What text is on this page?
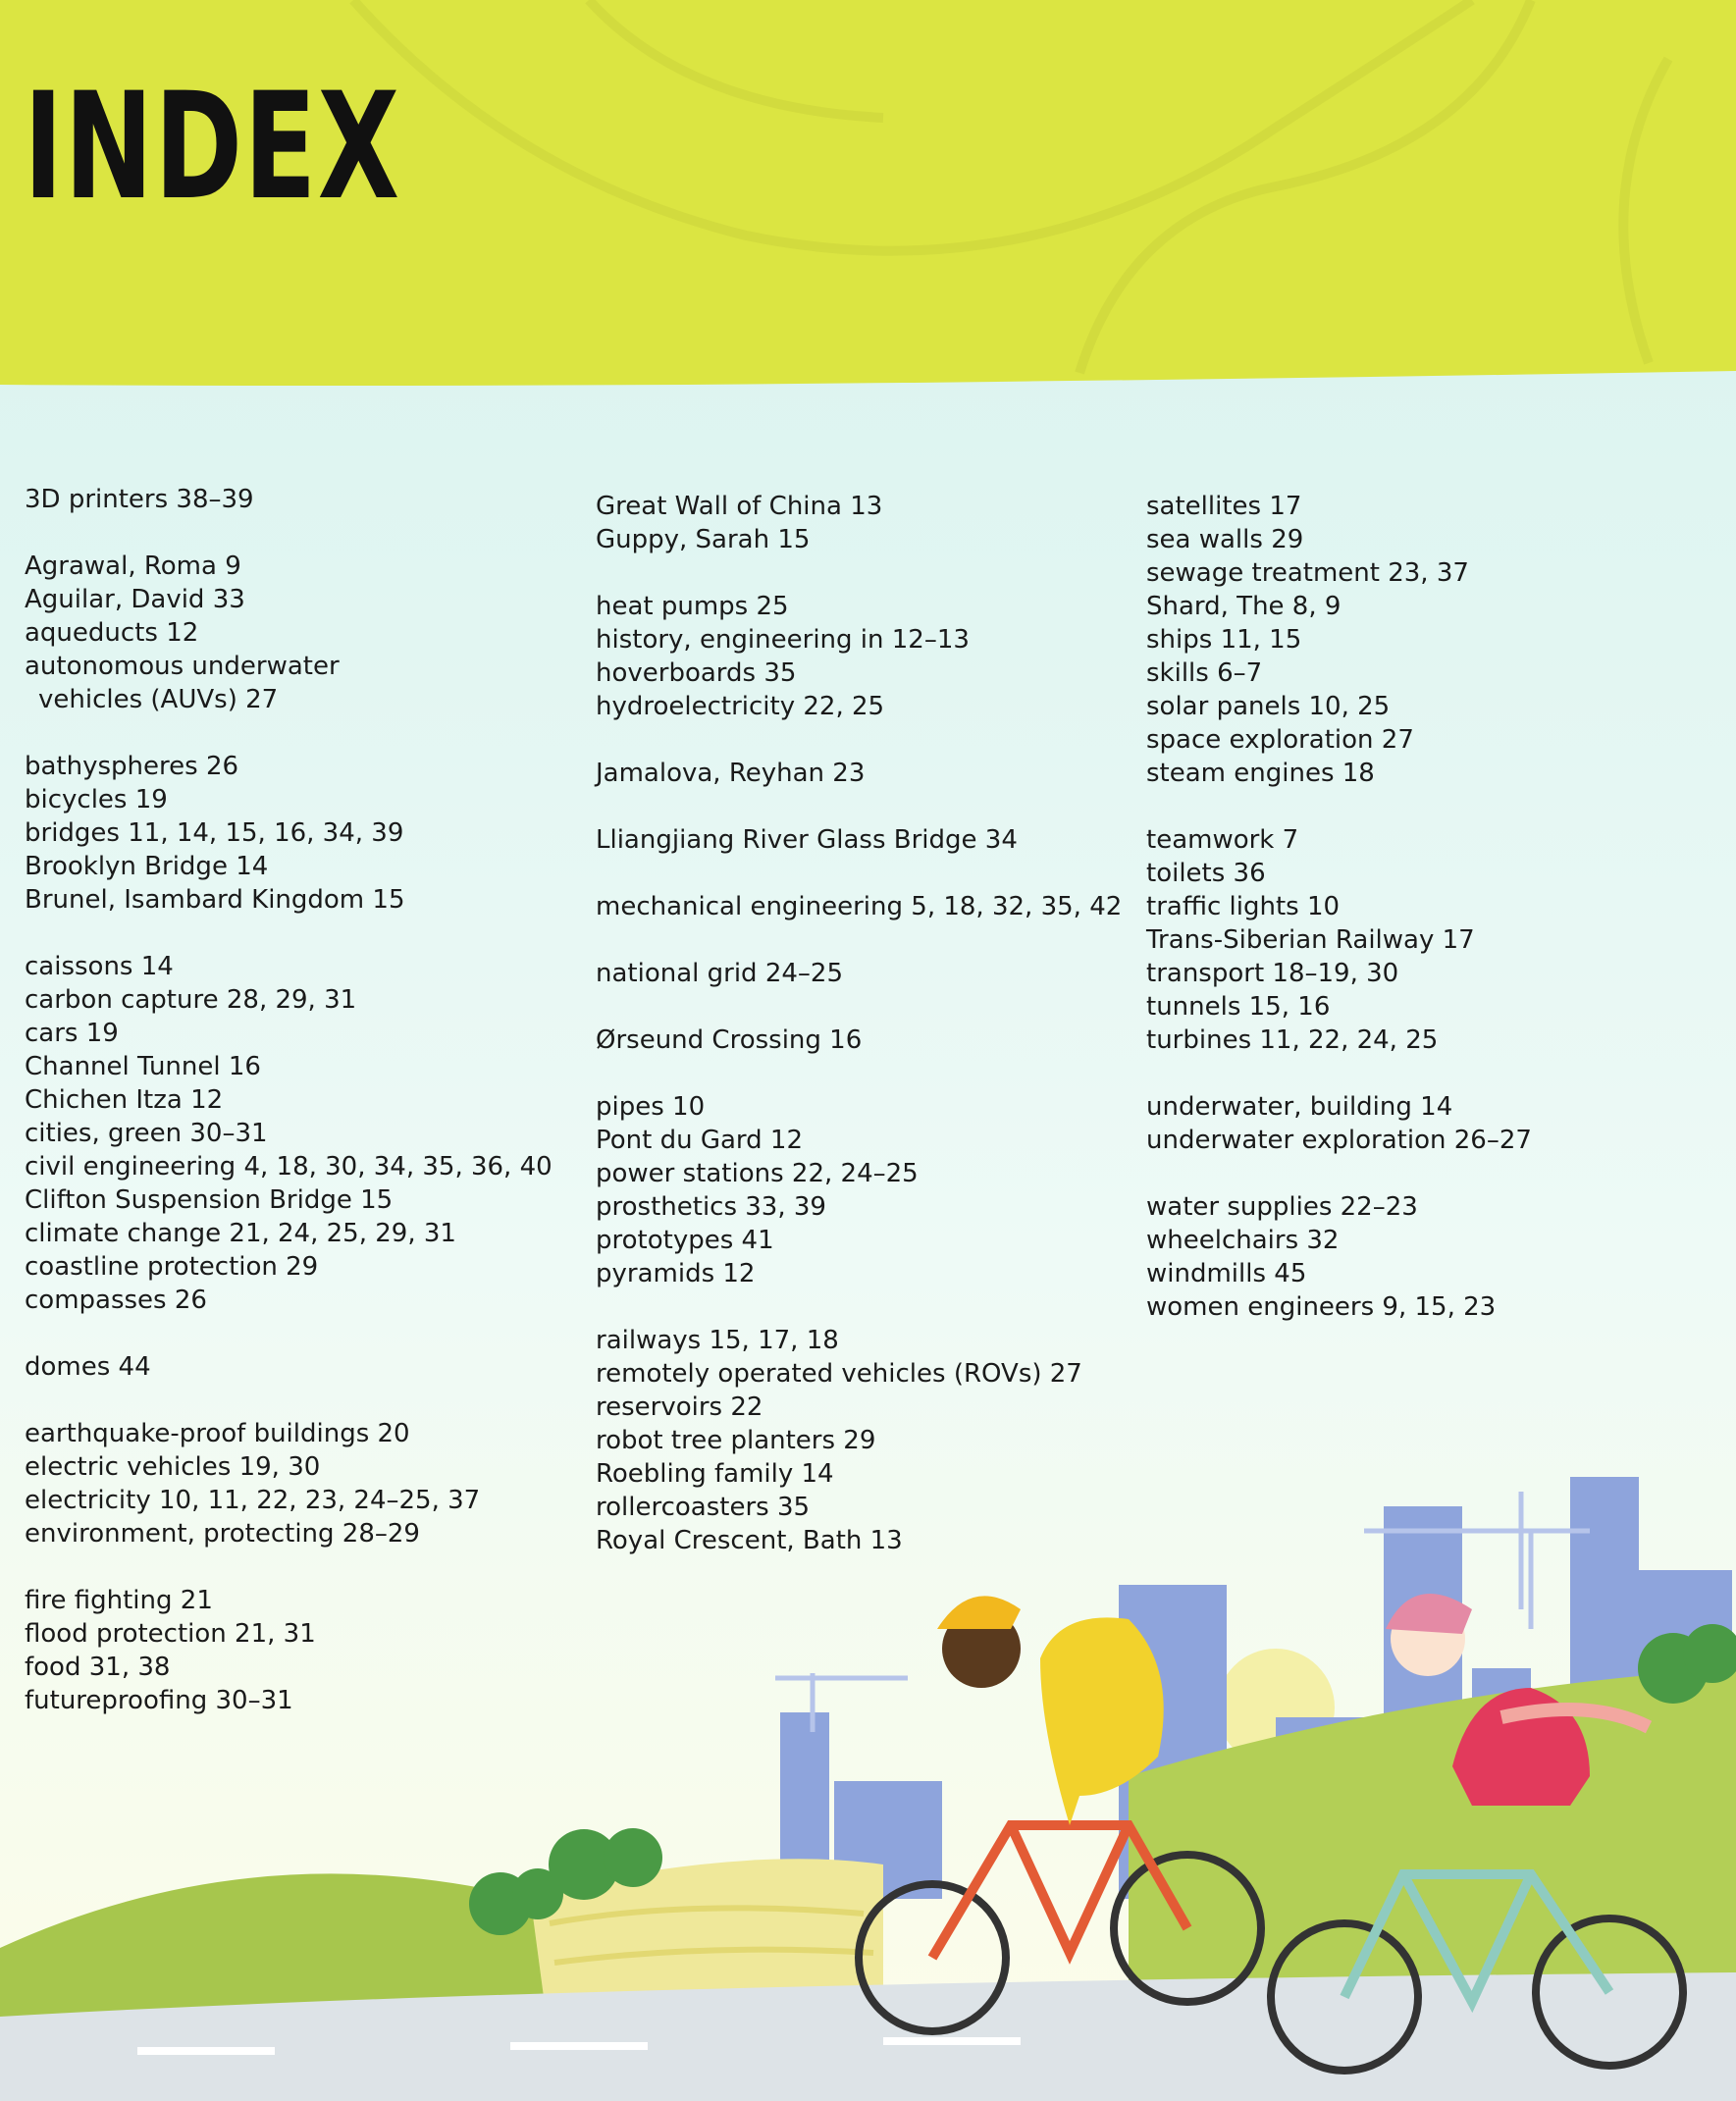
INDEX
3D printers 38–39
Agrawal, Roma 9
Aguilar, David 33
aqueducts 12
autonomous underwater vehicles (AUVs) 27
bathyspheres 26
bicycles 19
bridges 11, 14, 15, 16, 34, 39
Brooklyn Bridge 14
Brunel, Isambard Kingdom 15
caissons 14
carbon capture 28, 29, 31
cars 19
Channel Tunnel 16
Chichen Itza 12
cities, green 30–31
civil engineering 4, 18, 30, 34, 35, 36, 40
Clifton Suspension Bridge 15
climate change 21, 24, 25, 29, 31
coastline protection 29
compasses 26
domes 44
earthquake-proof buildings 20
electric vehicles 19, 30
electricity 10, 11, 22, 23, 24–25, 37
environment, protecting 28–29
fire fighting 21
flood protection 21, 31
food 31, 38
futureproofing 30–31
Great Wall of China 13
Guppy, Sarah 15
heat pumps 25
history, engineering in 12–13
hoverboards 35
hydroelectricity 22, 25
Jamalova, Reyhan 23
Lliangjiang River Glass Bridge 34
mechanical engineering 5, 18, 32, 35, 42
national grid 24–25
Ørseund Crossing 16
pipes 10
Pont du Gard 12
power stations 22, 24–25
prosthetics 33, 39
prototypes 41
pyramids 12
railways 15, 17, 18
remotely operated vehicles (ROVs) 27
reservoirs 22
robot tree planters 29
Roebling family 14
rollercoasters 35
Royal Crescent, Bath 13
satellites 17
sea walls 29
sewage treatment 23, 37
Shard, The 8, 9
ships 11, 15
skills 6–7
solar panels 10, 25
space exploration 27
steam engines 18
teamwork 7
toilets 36
traffic lights 10
Trans-Siberian Railway 17
transport 18–19, 30
tunnels 15, 16
turbines 11, 22, 24, 25
underwater, building 14
underwater exploration 26–27
water supplies 22–23
wheelchairs 32
windmills 45
women engineers 9, 15, 23
